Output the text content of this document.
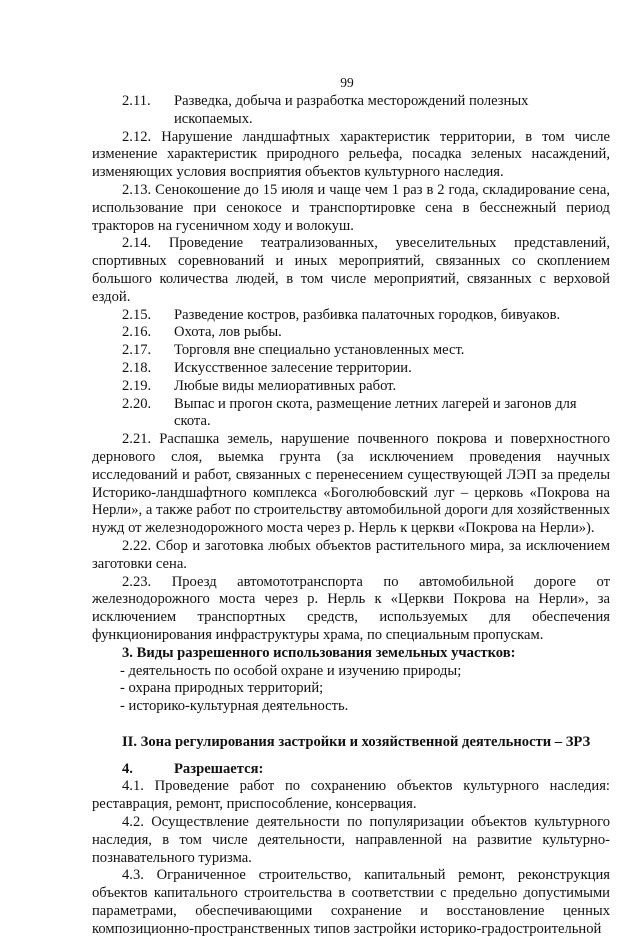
99
2.11.	Разведка, добыча и разработка месторождений полезных ископаемых.

2.12. Нарушение ландшафтных характеристик территории, в том числе изменение характеристик природного рельефа, посадка зеленых насаждений, изменяющих условия восприятия объектов культурного наследия.

2.13. Сенокошение до 15 июля и чаще чем 1 раз в 2 года, складирование сена, использование при сенокосе и транспортировке сена в бесснежный период тракторов на гусеничном ходу и волокуш.

2.14. Проведение театрализованных, увеселительных представлений, спортивных соревнований и иных мероприятий, связанных со скоплением большого количества людей, в том числе мероприятий, связанных с верховой ездой.

2.15.	Разведение костров, разбивка палаточных городков, бивуаков.
2.16.	Охота, лов рыбы.
2.17.	Торговля вне специально установленных мест.
2.18.	Искусственное залесение территории.
2.19.	Любые виды мелиоративных работ.
2.20.	Выпас и прогон скота, размещение летних лагерей и загонов для скота.

2.21. Распашка земель, нарушение почвенного покрова и поверхностного дернового слоя, выемка грунта (за исключением проведения научных исследований и работ, связанных с перенесением существующей ЛЭП за пределы Историко-ландшафтного комплекса «Боголюбовский луг – церковь «Покрова на Нерли», а также работ по строительству автомобильной дороги для хозяйственных нужд от железнодорожного моста через р. Нерль к церкви «Покрова на Нерли»).

2.22. Сбор и заготовка любых объектов растительного мира, за исключением заготовки сена.

2.23. Проезд автомототранспорта по автомобильной дороге от железнодорожного моста через р. Нерль к «Церкви Покрова на Нерли», за исключением транспортных средств, используемых для обеспечения функционирования инфраструктуры храма, по специальным пропускам.

3. Виды разрешенного использования земельных участков:

- деятельность по особой охране и изучению природы;

- охрана природных территорий;

- историко-культурная деятельность.

II. Зона регулирования застройки и хозяйственной деятельности – ЗРЗ
4.	Разрешается:

4.1. Проведение работ по сохранению объектов культурного наследия: реставрация, ремонт, приспособление, консервация.

4.2. Осуществление деятельности по популяризации объектов культурного наследия, в том числе деятельности, направленной на развитие культурно-познавательного туризма.

4.3. Ограниченное строительство, капитальный ремонт, реконструкция объектов капитального строительства в соответствии с предельно допустимыми параметрами, обеспечивающими сохранение и восстановление ценных композиционно-пространственных типов застройки историко-градостроительной
